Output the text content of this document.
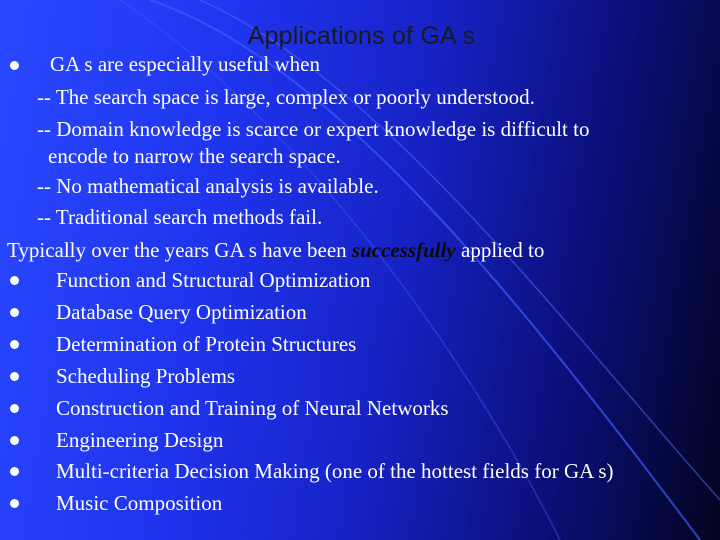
Applications of GA s
GA s are especially useful when
-- The search space is large, complex or poorly understood.
-- Domain knowledge is scarce or expert knowledge is difficult to
encode to narrow the search space.
-- No mathematical analysis is available.
-- Traditional search methods fail.
Typically over the years GA s have been successfully applied to
Function and Structural Optimization
Database Query Optimization
Determination of Protein Structures
Scheduling Problems
Construction and Training of Neural Networks
Engineering Design
Multi-criteria Decision Making (one of the hottest fields for GA s)
Music Composition
